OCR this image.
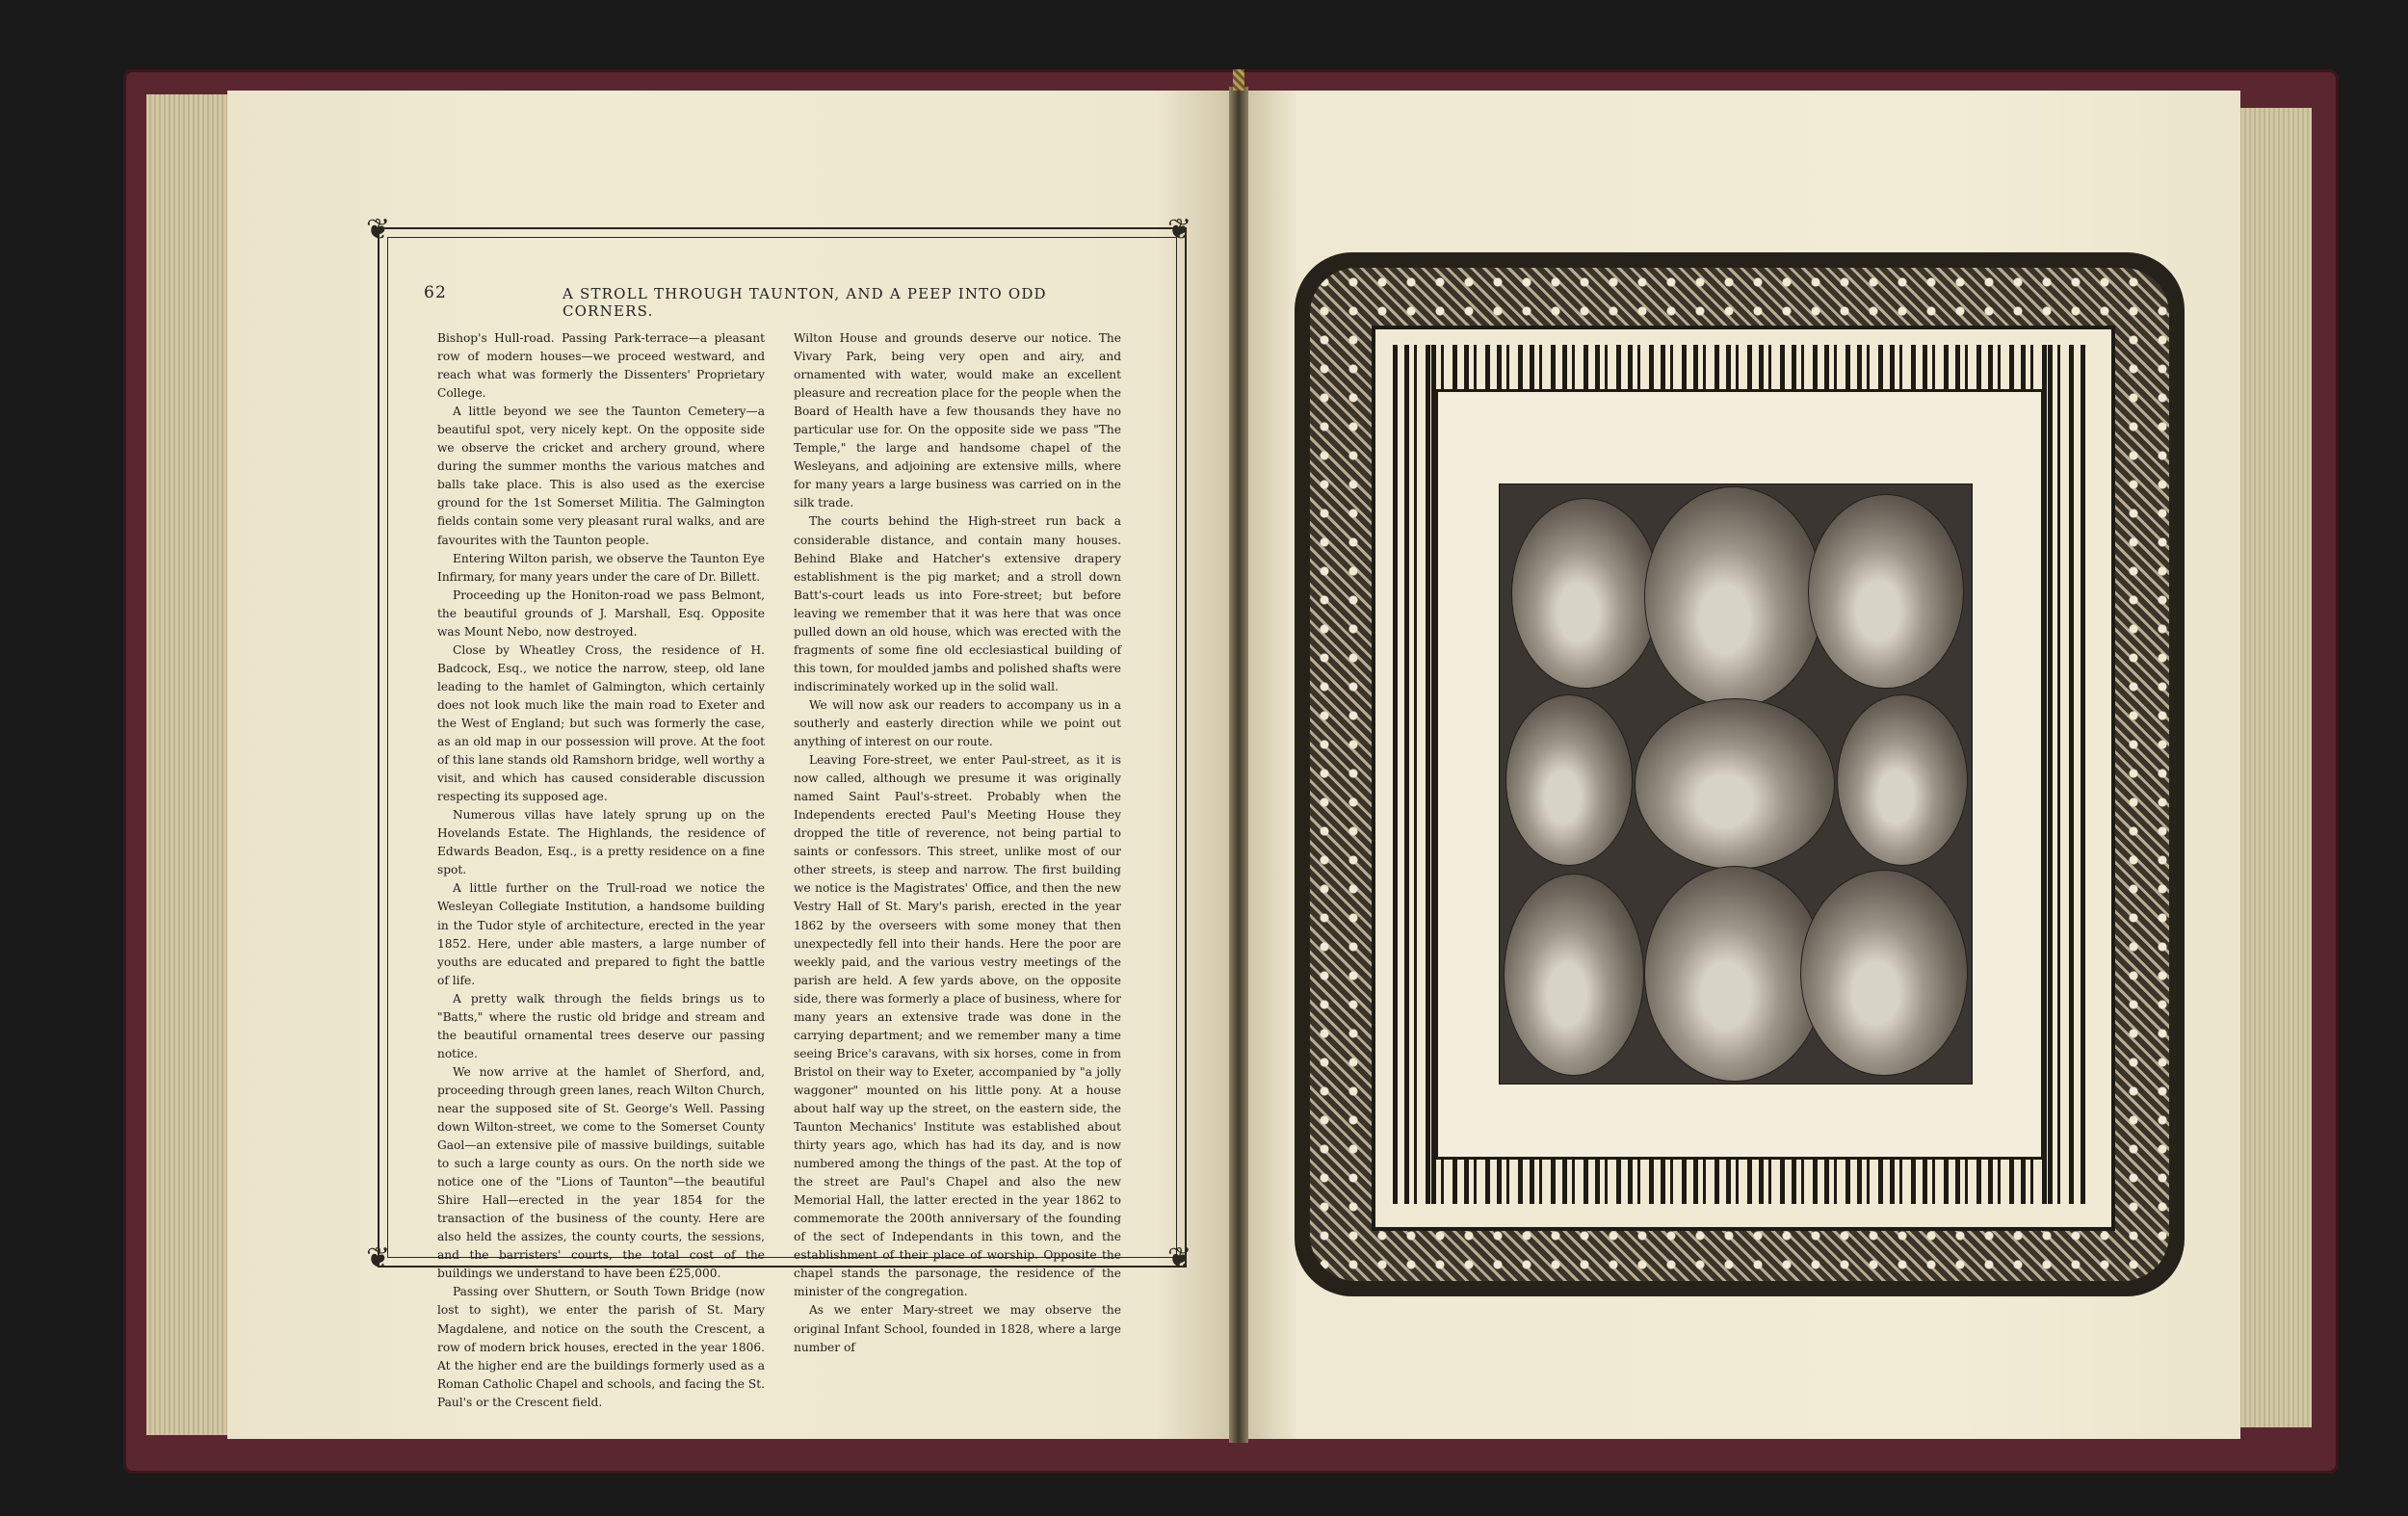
❦	❦
❦	❦
62	A STROLL THROUGH TAUNTON, AND A PEEP INTO ODD CORNERS.

Bishop's Hull-road. Passing Park-terrace—a pleasant row of modern houses—we proceed westward, and reach what was formerly the Dissenters' Proprietary College.

A little beyond we see the Taunton Cemetery—a beautiful spot, very nicely kept. On the opposite side we observe the cricket and archery ground, where during the summer months the various matches and balls take place. This is also used as the exercise ground for the 1st Somerset Militia. The Galmington fields contain some very pleasant rural walks, and are favourites with the Taunton people.

Entering Wilton parish, we observe the Taunton Eye Infirmary, for many years under the care of Dr. Billett.

Proceeding up the Honiton-road we pass Belmont, the beautiful grounds of J. Marshall, Esq. Opposite was Mount Nebo, now destroyed.

Close by Wheatley Cross, the residence of H. Badcock, Esq., we notice the narrow, steep, old lane leading to the hamlet of Galmington, which certainly does not look much like the main road to Exeter and the West of England; but such was formerly the case, as an old map in our possession will prove. At the foot of this lane stands old Ramshorn bridge, well worthy a visit, and which has caused considerable discussion respecting its supposed age.

Numerous villas have lately sprung up on the Hovelands Estate. The Highlands, the residence of Edwards Beadon, Esq., is a pretty residence on a fine spot.

A little further on the Trull-road we notice the Wesleyan Collegiate Institution, a handsome building in the Tudor style of architecture, erected in the year 1852. Here, under able masters, a large number of youths are educated and prepared to fight the battle of life.

A pretty walk through the fields brings us to "Batts," where the rustic old bridge and stream and the beautiful ornamental trees deserve our passing notice.

We now arrive at the hamlet of Sherford, and, proceeding through green lanes, reach Wilton Church, near the supposed site of St. George's Well. Passing down Wilton-street, we come to the Somerset County Gaol—an extensive pile of massive buildings, suitable to such a large county as ours. On the north side we notice one of the "Lions of Taunton"—the beautiful Shire Hall—erected in the year 1854 for the transaction of the business of the county. Here are also held the assizes, the county courts, the sessions, and the barristers' courts, the total cost of the buildings we understand to have been £25,000.

Passing over Shuttern, or South Town Bridge (now lost to sight), we enter the parish of St. Mary Magdalene, and notice on the south the Crescent, a row of modern brick houses, erected in the year 1806. At the higher end are the buildings formerly used as a Roman Catholic Chapel and schools, and facing the St. Paul's or the Crescent field.

Wilton House and grounds deserve our notice. The Vivary Park, being very open and airy, and ornamented with water, would make an excellent pleasure and recreation place for the people when the Board of Health have a few thousands they have no particular use for. On the opposite side we pass "The Temple," the large and handsome chapel of the Wesleyans, and adjoining are extensive mills, where for many years a large business was carried on in the silk trade.

The courts behind the High-street run back a considerable distance, and contain many houses. Behind Blake and Hatcher's extensive drapery establishment is the pig market; and a stroll down Batt's-court leads us into Fore-street; but before leaving we remember that it was here that was once pulled down an old house, which was erected with the fragments of some fine old ecclesiastical building of this town, for moulded jambs and polished shafts were indiscriminately worked up in the solid wall.

We will now ask our readers to accompany us in a southerly and easterly direction while we point out anything of interest on our route.

Leaving Fore-street, we enter Paul-street, as it is now called, although we presume it was originally named Saint Paul's-street. Probably when the Independents erected Paul's Meeting House they dropped the title of reverence, not being partial to saints or confessors. This street, unlike most of our other streets, is steep and narrow. The first building we notice is the Magistrates' Office, and then the new Vestry Hall of St. Mary's parish, erected in the year 1862 by the overseers with some money that then unexpectedly fell into their hands. Here the poor are weekly paid, and the various vestry meetings of the parish are held. A few yards above, on the opposite side, there was formerly a place of business, where for many years an extensive trade was done in the carrying department; and we remember many a time seeing Brice's caravans, with six horses, come in from Bristol on their way to Exeter, accompanied by "a jolly waggoner" mounted on his little pony. At a house about half way up the street, on the eastern side, the Taunton Mechanics' Institute was established about thirty years ago, which has had its day, and is now numbered among the things of the past. At the top of the street are Paul's Chapel and also the new Memorial Hall, the latter erected in the year 1862 to commemorate the 200th anniversary of the founding of the sect of Independants in this town, and the establishment of their place of worship. Opposite the chapel stands the parsonage, the residence of the minister of the congregation.

As we enter Mary-street we may observe the original Infant School, founded in 1828, where a large number of
